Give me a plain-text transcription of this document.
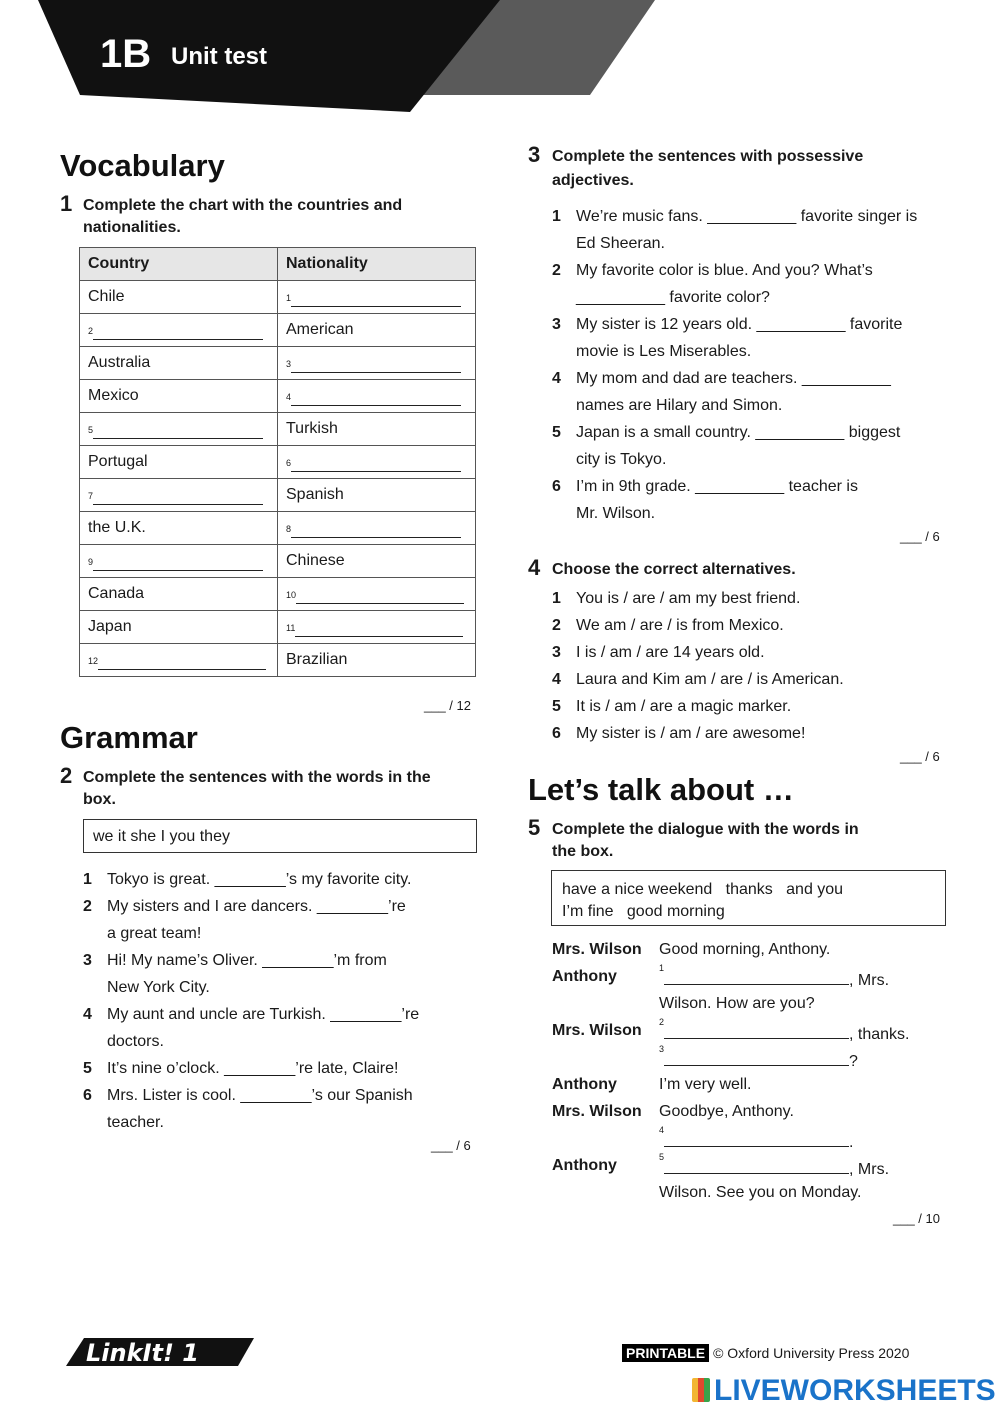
1B Unit test
Vocabulary
1 Complete the chart with the countries and nationalities.
Country	Nationality
Chile	1

2	American
Australia	3

Mexico	4

5	Turkish
Portugal	6

7	Spanish
the U.K.	8

9	Chinese
Canada	10

Japan	11

12	Brazilian
___ / 12
Grammar
2 Complete the sentences with the words in the box.
we it she I you they
1 Tokyo is great. ________’s my favorite city.
2 My sisters and I are dancers. ________’re
a great team!
3 Hi! My name’s Oliver. ________’m from
New York City.
4 My aunt and uncle are Turkish. ________’re
doctors.
5 It’s nine o’clock. ________’re late, Claire!
6 Mrs. Lister is cool. ________’s our Spanish
teacher.
___ / 6
3 Complete the sentences with possessive
adjectives.
1 We’re music fans. __________ favorite singer is
Ed Sheeran.
2 My favorite color is blue. And you? What’s
__________ favorite color?
3 My sister is 12 years old. __________ favorite
movie is Les Miserables.
4 My mom and dad are teachers. __________
names are Hilary and Simon.
5 Japan is a small country. __________ biggest
city is Tokyo.
6 I’m in 9th grade. __________ teacher is
Mr. Wilson.
___ / 6
4 Choose the correct alternatives.
1 You is / are / am my best friend.
2 We am / are / is from Mexico.
3 I is / am / are 14 years old.
4 Laura and Kim am / are / is American.
5 It is / am / are a magic marker.
6 My sister is / am / are awesome!
___ / 6
Let’s talk about …
5 Complete the dialogue with the words in
the box.
have a nice weekend   thanks   and you
I’m fine   good morning
Mrs. Wilson Good morning, Anthony.
Anthony	$^1$, Mrs.
Wilson. How are you?
Mrs. Wilson $^2$, thanks.
$^3$?
Anthony	I’m very well.
Mrs. Wilson Goodbye, Anthony.
$^4$.
Anthony	$^5$, Mrs.
Wilson. See you on Monday.
___ / 10
LinkIt! 1	PRINTABLE © Oxford University Press 2020
LIVEWORKSHEETS
